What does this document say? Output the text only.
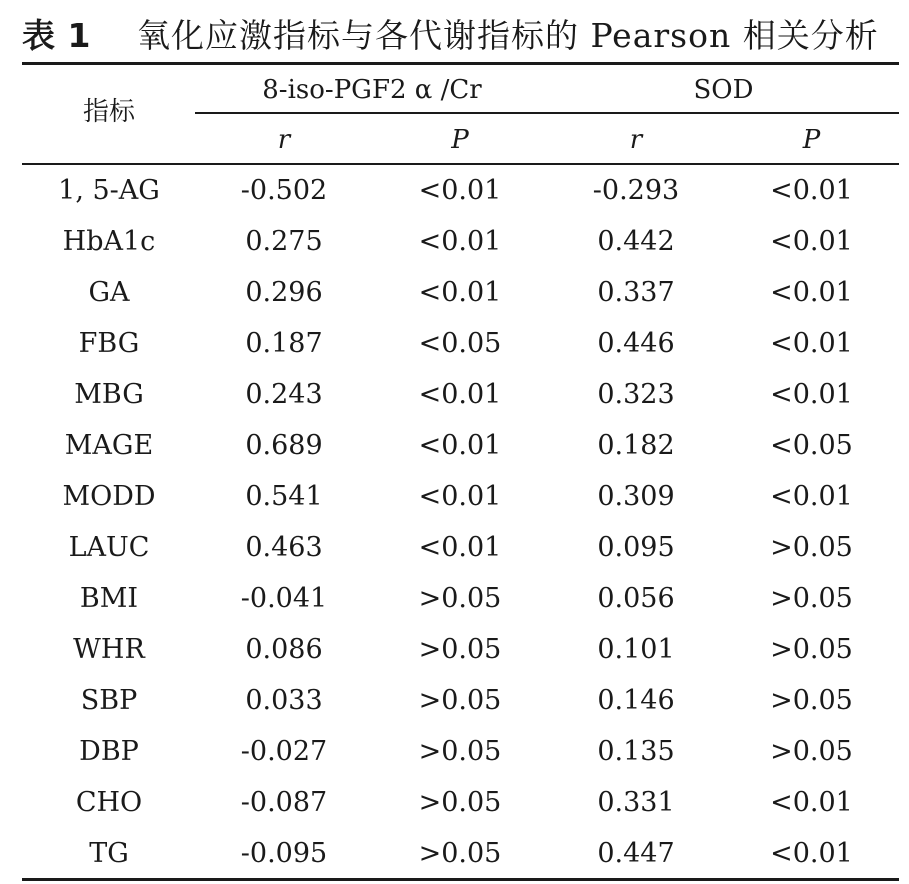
表 1 氧化应激指标与各代谢指标的 Pearson 相关分析
指标
8-iso-PGF2 α /Cr	SOD
r	P	r	P
1, 5-AG	-0.502	<0.01	-0.293	<0.01
HbA1c	0.275	<0.01	0.442	<0.01
GA	0.296	<0.01	0.337	<0.01
FBG	0.187	<0.05	0.446	<0.01
MBG	0.243	<0.01	0.323	<0.01
MAGE	0.689	<0.01	0.182	<0.05
MODD	0.541	<0.01	0.309	<0.01
LAUC	0.463	<0.01	0.095	>0.05
BMI	-0.041	>0.05	0.056	>0.05
WHR	0.086	>0.05	0.101	>0.05
SBP	0.033	>0.05	0.146	>0.05
DBP	-0.027	>0.05	0.135	>0.05
CHO	-0.087	>0.05	0.331	<0.01
TG	-0.095	>0.05	0.447	<0.01
